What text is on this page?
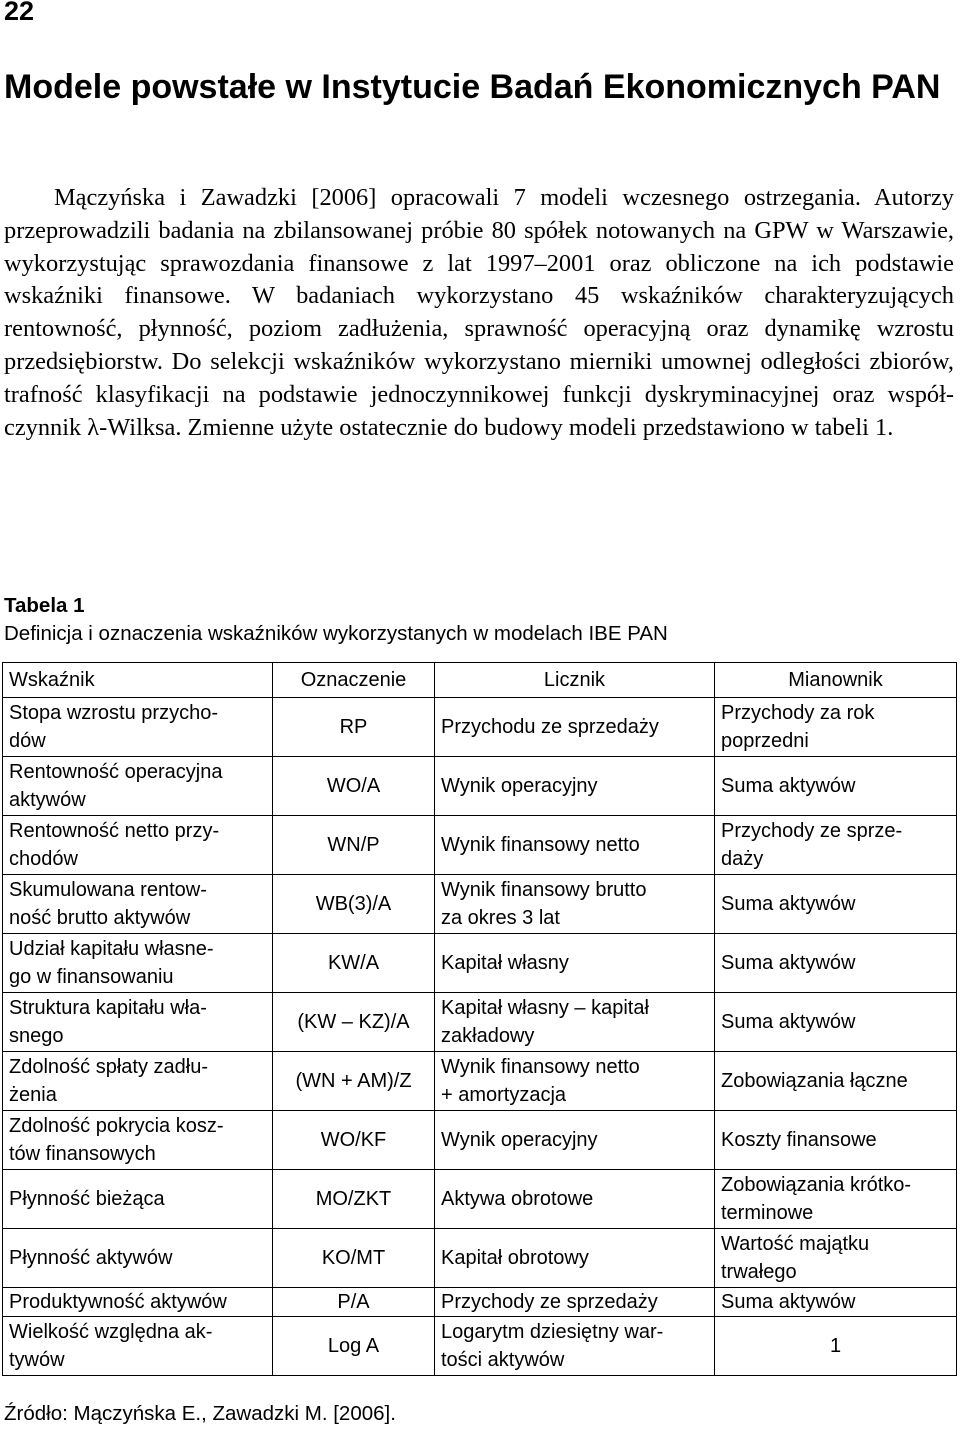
22

Modele powstałe w Instytucie Badań Ekonomicznych PAN

Mączyńska i Zawadzki [2006] opracowali 7 modeli wczesnego ostrzegania. Autorzy przeprowadzili badania na zbilansowanej próbie 80 spółek notowanych na GPW w Warszawie, wykorzystując sprawozdania finansowe z lat 1997–2001 oraz obliczone na ich podstawie wskaźniki finansowe. W badaniach wykorzystano 45 wskaźników charakteryzujących rentowność, płynność, poziom zadłużenia, sprawność operacyjną oraz dynamikę wzrostu przedsiębiorstw. Do selekcji wskaźników wykorzystano mierniki umownej odległości zbiorów, trafność klasyfikacji na podstawie jednoczynnikowej funkcji dyskryminacyjnej oraz współczynnik λ-Wilksa. Zmienne użyte ostatecznie do budowy modeli przedstawiono w tabeli 1.

Tabela 1

Definicja i oznaczenia wskaźników wykorzystanych w modelach IBE PAN

Wskaźnik	Oznaczenie	Licznik	Mianownik

Stopa wzrostu przycho-
dów	RP	Przychodu ze sprzedaży	Przychody za rok
poprzedni

Rentowność operacyjna
aktywów	WO/A	Wynik operacyjny	Suma aktywów

Rentowność netto przy-
chodów	WN/P	Wynik finansowy netto	Przychody ze sprze-
daży

Skumulowana rentow-
ność brutto aktywów	WB(3)/A	Wynik finansowy brutto
za okres 3 lat	Suma aktywów

Udział kapitału własne-
go w finansowaniu	KW/A	Kapitał własny	Suma aktywów

Struktura kapitału wła-
snego	(KW – KZ)/A	Kapitał własny – kapitał
zakładowy	Suma aktywów

Zdolność spłaty zadłu-
żenia	(WN + AM)/Z	Wynik finansowy netto
+ amortyzacja	Zobowiązania łączne

Zdolność pokrycia kosz-
tów finansowych	WO/KF	Wynik operacyjny	Koszty finansowe

Płynność bieżąca	MO/ZKT	Aktywa obrotowe	Zobowiązania krótko-
terminowe

Płynność aktywów	KO/MT	Kapitał obrotowy	Wartość majątku
trwałego

Produktywność aktywów	P/A	Przychody ze sprzedaży	Suma aktywów

Wielkość względna ak-
tywów	Log A	Logarytm dziesiętny war-
tości aktywów	1

Źródło: Mączyńska E., Zawadzki M. [2006].
